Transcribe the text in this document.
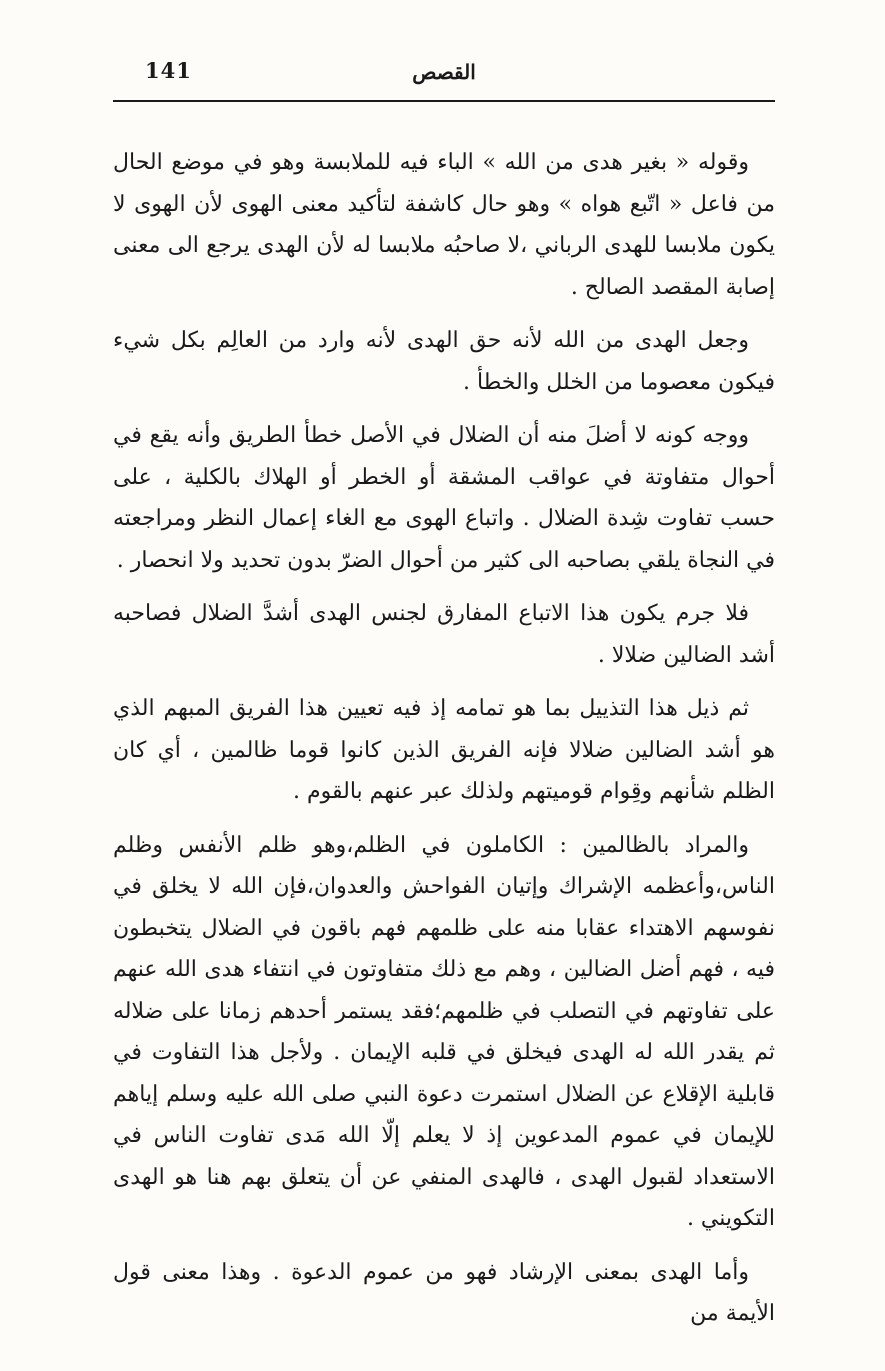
141	القصص

وقوله « بغير هدى من الله » الباء فيه للملابسة وهو في موضع الحال من فاعل « اتّبع هواه » وهو حال كاشفة لتأكيد معنى الهوى لأن الهوى لا يكون ملابسا للهدى الرباني ،لا صاحبُه ملابسا له لأن الهدى يرجع الى معنى إصابة المقصد الصالح .

وجعل الهدى من الله لأنه حق الهدى لأنه وارد من العالِم بكل شيء فيكون معصوما من الخلل والخطأ .

ووجه كونه لا أضلَ منه أن الضلال في الأصل خطأ الطريق وأنه يقع في أحوال متفاوتة في عواقب المشقة أو الخطر أو الهلاك بالكلية ، على حسب تفاوت شِدة الضلال . واتباع الهوى مع الغاء إعمال النظر ومراجعته في النجاة يلقي بصاحبه الى كثير من أحوال الضرّ بدون تحديد ولا انحصار .

فلا جرم يكون هذا الاتباع المفارق لجنس الهدى أشدَّ الضلال فصاحبه أشد الضالين ضلالا .

ثم ذيل هذا التذييل بما هو تمامه إذ فيه تعيين هذا الفريق المبهم الذي هو أشد الضالين ضلالا فإنه الفريق الذين كانوا قوما ظالمين ، أي كان الظلم شأنهم وقِوام قوميتهم ولذلك عبر عنهم بالقوم .

والمراد بالظالمين : الكاملون في الظلم،وهو ظلم الأنفس وظلم الناس،وأعظمه الإشراك وإتيان الفواحش والعدوان،فإن الله لا يخلق في نفوسهم الاهتداء عقابا منه على ظلمهم فهم باقون في الضلال يتخبطون فيه ، فهم أضل الضالين ، وهم مع ذلك متفاوتون في انتفاء هدى الله عنهم على تفاوتهم في التصلب في ظلمهم؛فقد يستمر أحدهم زمانا على ضلاله ثم يقدر الله له الهدى فيخلق في قلبه الإيمان . ولأجل هذا التفاوت في قابلية الإقلاع عن الضلال استمرت دعوة النبي صلى الله عليه وسلم إياهم للإيمان في عموم المدعوين إذ لا يعلم إلّا الله مَدى تفاوت الناس في الاستعداد لقبول الهدى ، فالهدى المنفي عن أن يتعلق بهم هنا هو الهدى التكويني .

وأما الهدى بمعنى الإرشاد فهو من عموم الدعوة . وهذا معنى قول الأيمة من
